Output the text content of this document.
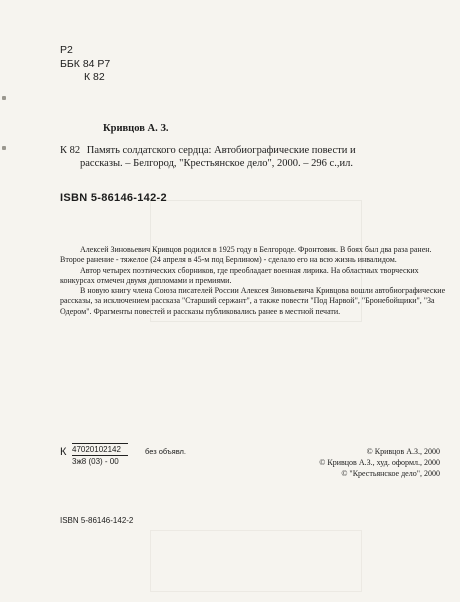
Р2
ББК 84 Р7
К 82
Кривцов А. З.
К 82 Память солдатского сердца: Автобиографические повести и
рассказы. – Белгород, "Крестьянское дело", 2000. – 296 с.,ил.
ISBN 5-86146-142-2

Алексей Зиновьевич Кривцов родился в 1925 году в Белгороде. Фронтовик. В боях был два раза ранен. Второе ранение - тяжелое (24 апреля в 45-м под Берлином) - сделало его на всю жизнь инвалидом.

Автор четырех поэтических сборников, где преобладает военная лирика. На областных творческих конкурсах отмечен двумя дипломами и премиями.

В новую книгу члена Союза писателей России Алексея Зиновьевича Кривцова вошли автобиографические рассказы, за исключением рассказа "Старший сержант", а также повести "Под Нарвой", "Бронебойщики", "За Одером". Фрагменты повестей и рассказы публиковались ранее в местной печати.

К 47020102142
3ж8 (03) - 00
без объявл.	© Кривцов А.З., 2000
© Кривцов А.З., худ. оформл., 2000
© "Крестьянское дело", 2000
ISBN 5-86146-142-2
